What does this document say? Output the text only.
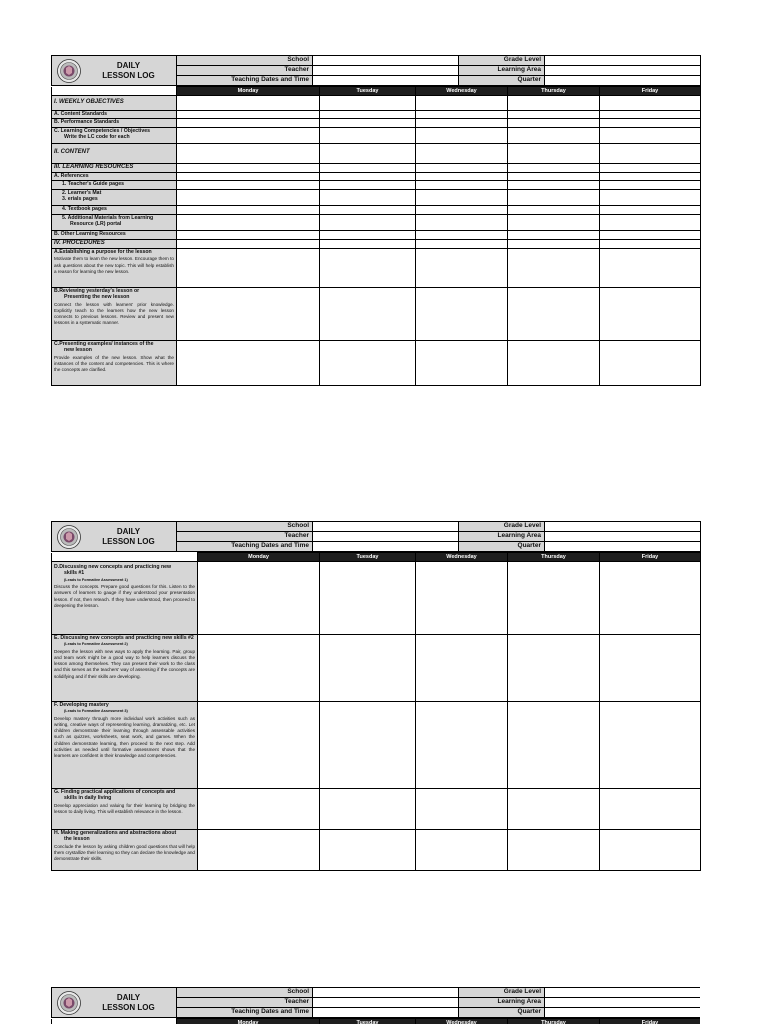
DAILY
LESSON LOG	School		Grade Level	
	Teacher		Learning Area	
	Teaching Dates and Time		Quarter	
	Monday	Tuesday	Wednesday	Thursday	Friday

I. WEEKLY OBJECTIVES					

A. Content Standards					

B. Performance Standards					

C. Learning Competencies / Objectives
Write the LC code for each					

II. CONTENT					

III. LEARNING RESOURCES					

A. References					

1. Teacher's Guide pages					

2. Learner's Mat
3. erials pages					

4. Textbook pages					

5. Additional Materials from Learning
Resource (LR) portal					

B. Other Learning Resources					

IV. PROCEDURES					

A.Establishing a purpose for the lesson
Motivate them to learn the new lesson. Encourage them to ask questions about the new topic. This will help establish a reason for learning the new lesson.					

B.Reviewing yesterday's lesson or
Presenting the new lesson
Connect the lesson with learners' prior knowledge. Explicitly teach to the learners how the new lesson connects to previous lessons. Review and present new lessons in a systematic manner.					

C.Presenting examples/ instances of the
new lesson
Provide examples of the new lesson. Show what the instances of the content and competencies. This is where the concepts are clarified.					

DAILY
LESSON LOG	School		Grade Level	
	Teacher		Learning Area	
	Teaching Dates and Time		Quarter	
	Monday	Tuesday	Wednesday	Thursday	Friday

D.Discussing new concepts and practicing new
skills #1
(Leads to Formative Assessment 1)
Discuss the concepts. Prepare good questions for this. Listen to the answers of learners to gauge if they understood your presentation lesson. If not, then reteach. If they have understood, then proceed to deepening the lesson.					

E. Discussing new concepts and practicing new skills #2
(Leads to Formative Assessment 2)
Deepen the lesson with new ways to apply the learning. Pair, group and team work might be a good way to help learners discuss the lesson among themselves. They can present their work to the class and this serves as the teachers' way of assessing if the concepts are solidifying and if their skills are developing.					

F. Developing mastery
(Leads to Formative Assessment 3)
Develop mastery through more individual work activities such as writing, creative ways of representing learning, dramatizing, etc. Let children demonstrate their learning through assessable activities such as quizzes, worksheets, seat work, and games. When the children demonstrate learning, then proceed to the next step. Add activities as needed until formative assessment shows that the learners are confident in their knowledge and competencies.					

G. Finding practical applications of concepts and
skills in daily living
Develop appreciation and valuing for their learning by bridging the lesson to daily living. This will establish relevance in the lesson.					

H. Making generalizations and abstractions about
the lesson
Conclude the lesson by asking children good questions that will help them crystallize their learning so they can declare the knowledge and demonstrate their skills.					

DAILY
LESSON LOG	School		Grade Level	
	Teacher		Learning Area	
	Teaching Dates and Time		Quarter	
	Monday	Tuesday	Wednesday	Thursday	Friday
